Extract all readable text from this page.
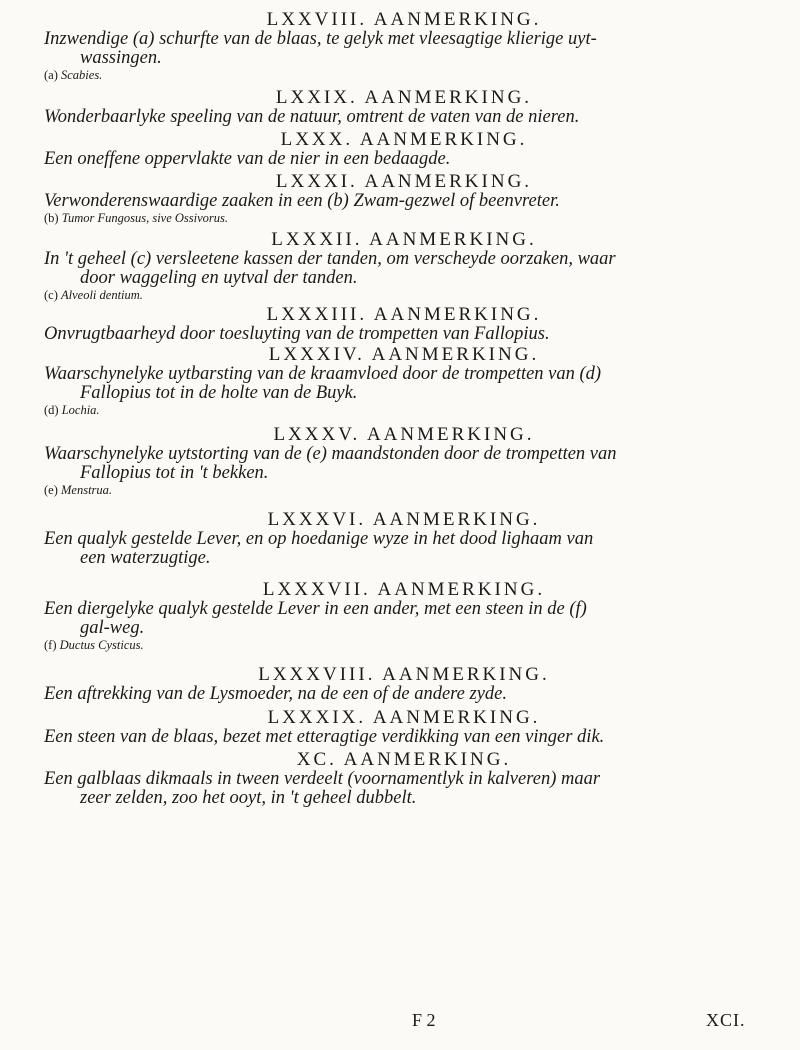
LXXVIII. AANMERKING.

Inzwendige (a) schurfte van de blaas, te gelyk met vleesagtige klierige uyt-
wassingen.

(a) Scabies.

LXXIX. AANMERKING.

Wonderbaarlyke speeling van de natuur, omtrent de vaten van de nieren.

LXXX. AANMERKING.

Een oneffene oppervlakte van de nier in een bedaagde.

LXXXI. AANMERKING.

Verwonderenswaardige zaaken in een (b) Zwam-gezwel of beenvreter.

(b) Tumor Fungosus, sive Ossivorus.

LXXXII. AANMERKING.

In 't geheel (c) versleetene kassen der tanden, om verscheyde oorzaken, waar
door waggeling en uytval der tanden.

(c) Alveoli dentium.

LXXXIII. AANMERKING.

Onvrugtbaarheyd door toesluyting van de trompetten van Fallopius.

LXXXIV. AANMERKING.

Waarschynelyke uytbarsting van de kraamvloed door de trompetten van (d)
Fallopius tot in de holte van de Buyk.

(d) Lochia.

LXXXV. AANMERKING.

Waarschynelyke uytstorting van de (e) maandstonden door de trompetten van
Fallopius tot in 't bekken.

(e) Menstrua.

LXXXVI. AANMERKING.

Een qualyk gestelde Lever, en op hoedanige wyze in het dood lighaam van
een waterzugtige.

LXXXVII. AANMERKING.

Een diergelyke qualyk gestelde Lever in een ander, met een steen in de (f)
gal-weg.

(f) Ductus Cysticus.

LXXXVIII. AANMERKING.

Een aftrekking van de Lysmoeder, na de een of de andere zyde.

LXXXIX. AANMERKING.

Een steen van de blaas, bezet met etteragtige verdikking van een vinger dik.

XC. AANMERKING.

Een galblaas dikmaals in tween verdeelt (voornamentlyk in kalveren) maar
zeer zelden, zoo het ooyt, in 't geheel dubbelt.

F 2	XCI.
